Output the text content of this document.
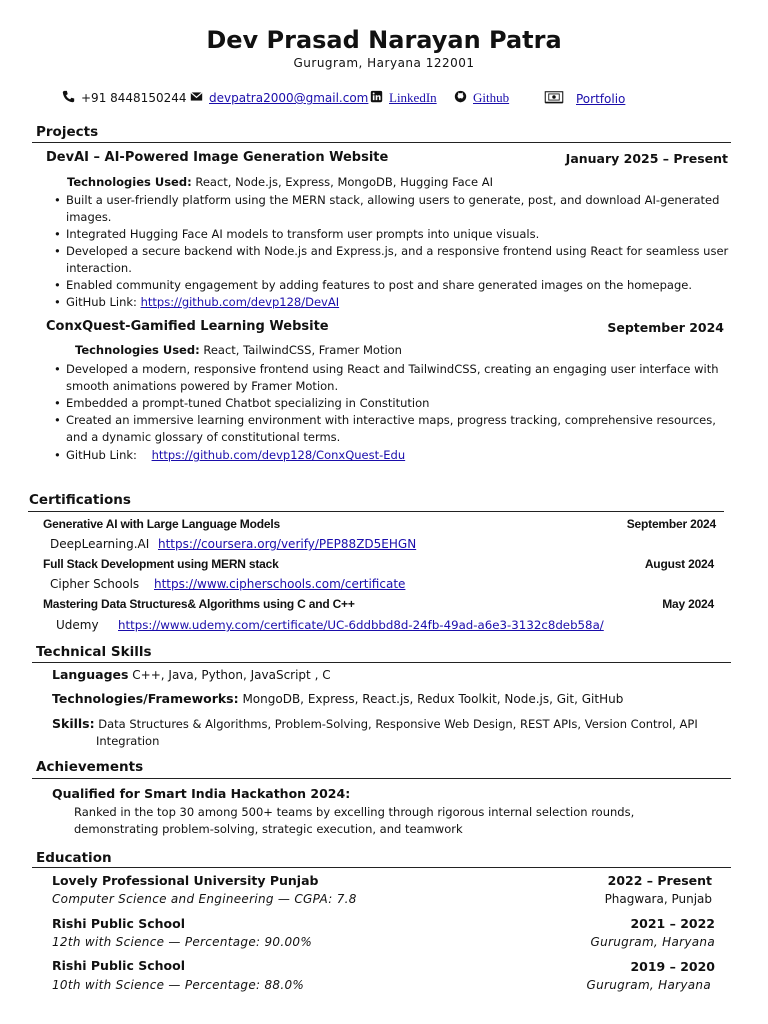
Dev Prasad Narayan Patra
Gurugram, Haryana 122001
+91 8448150244 devpatra2000@gmail.com LinkedIn	Github	Portfolio
Projects
DevAI – AI-Powered Image Generation Website	January 2025 – Present
Technologies Used: React, Node.js, Express, MongoDB, Hugging Face AI
• Built a user-friendly platform using the MERN stack, allowing users to generate, post, and download AI-generated images.
• Integrated Hugging Face AI models to transform user prompts into unique visuals.
• Developed a secure backend with Node.js and Express.js, and a responsive frontend using React for seamless user interaction.
• Enabled community engagement by adding features to post and share generated images on the homepage.
• GitHub Link: https://github.com/devp128/DevAI
ConxQuest-Gamified Learning Website	September 2024
Technologies Used: React, TailwindCSS, Framer Motion
• Developed a modern, responsive frontend using React and TailwindCSS, creating an engaging user interface with smooth animations powered by Framer Motion.
• Embedded a prompt-tuned Chatbot specializing in Constitution
• Created an immersive learning environment with interactive maps, progress tracking, comprehensive resources, and a dynamic glossary of constitutional terms.
• GitHub Link: https://github.com/devp128/ConxQuest-Edu
Certifications
Generative AI with Large Language Models	September 2024
DeepLearning.AI https://coursera.org/verify/PEP88ZD5EHGN
Full Stack Development using MERN stack	August 2024
Cipher Schools https://www.cipherschools.com/certificate
Mastering Data Structures& Algorithms using C and C++	May 2024
Udemy https://www.udemy.com/certificate/UC-6ddbbd8d-24fb-49ad-a6e3-3132c8deb58a/
Technical Skills
Languages C++, Java, Python, JavaScript , C
Technologies/Frameworks: MongoDB, Express, React.js, Redux Toolkit, Node.js, Git, GitHub
Skills: Data Structures & Algorithms, Problem-Solving, Responsive Web Design, REST APIs, Version Control, API
Integration
Achievements
Qualified for Smart India Hackathon 2024:
Ranked in the top 30 among 500+ teams by excelling through rigorous internal selection rounds,
demonstrating problem-solving, strategic execution, and teamwork
Education
Lovely Professional University Punjab	2022 – Present
Computer Science and Engineering — CGPA: 7.8	Phagwara, Punjab
Rishi Public School	2021 – 2022
12th with Science — Percentage: 90.00%	Gurugram, Haryana
Rishi Public School	2019 – 2020
10th with Science — Percentage: 88.0%	Gurugram, Haryana
